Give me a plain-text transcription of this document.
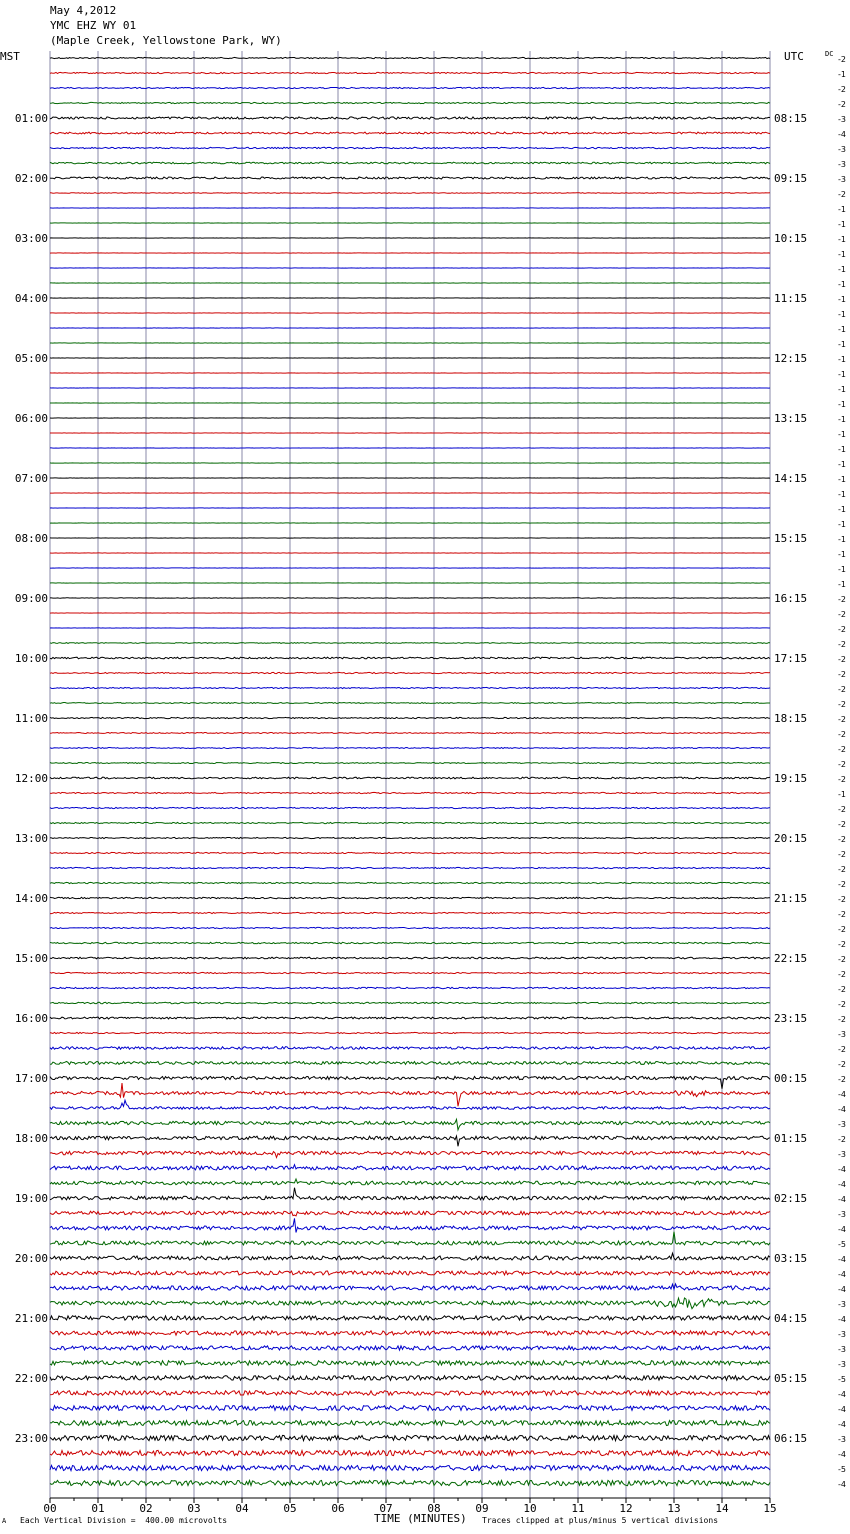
May 4,2012
YMC EHZ WY 01
(Maple Creek, Yellowstone Park, WY)
MST	UTC	DC
00	01	02	03	04	05	06	07	08	09	10	11	12	13	14	15
-2
-1
-2
-2
-3
-4
-3
-3
-3
-2
-1
-1
-1
-1
-1
-1
-1
-1
-1
-1
-1
-1
-1
-1
-1
-1
-1
-1
-1
-1
-1
-1
-1
-1
-1
-1
-2
-2
-2
-2
-2
-2
-2
-2
-2
-2
-2
-2
-2
-1
-2
-2
-2
-2
-2
-2
-2
-2
-2
-2
-2
-2
-2
-2
-2
-3
-2
-2
-2
-4
-4
-3
-2
-3
-4
-4
-4
-3
-4
-5
-4
-4
-4
-3
-4
-3
-3
-3
-5
-4
-4
-4
-3
-4
-5
-4
01:00
02:00
03:00
04:00
05:00
06:00
07:00
08:00
09:00
10:00
11:00
12:00
13:00
14:00
15:00
16:00
17:00
18:00
19:00
20:00
21:00
22:00
23:00
08:15
09:15
10:15
11:15
12:15
13:15
14:15
15:15
16:15
17:15
18:15
19:15
20:15
21:15
22:15
23:15
00:15
01:15
02:15
03:15
04:15
05:15
06:15
A Each Vertical Division =  400.00 microvolts	TIME (MINUTES) Traces clipped at plus/minus 5 vertical divisions
